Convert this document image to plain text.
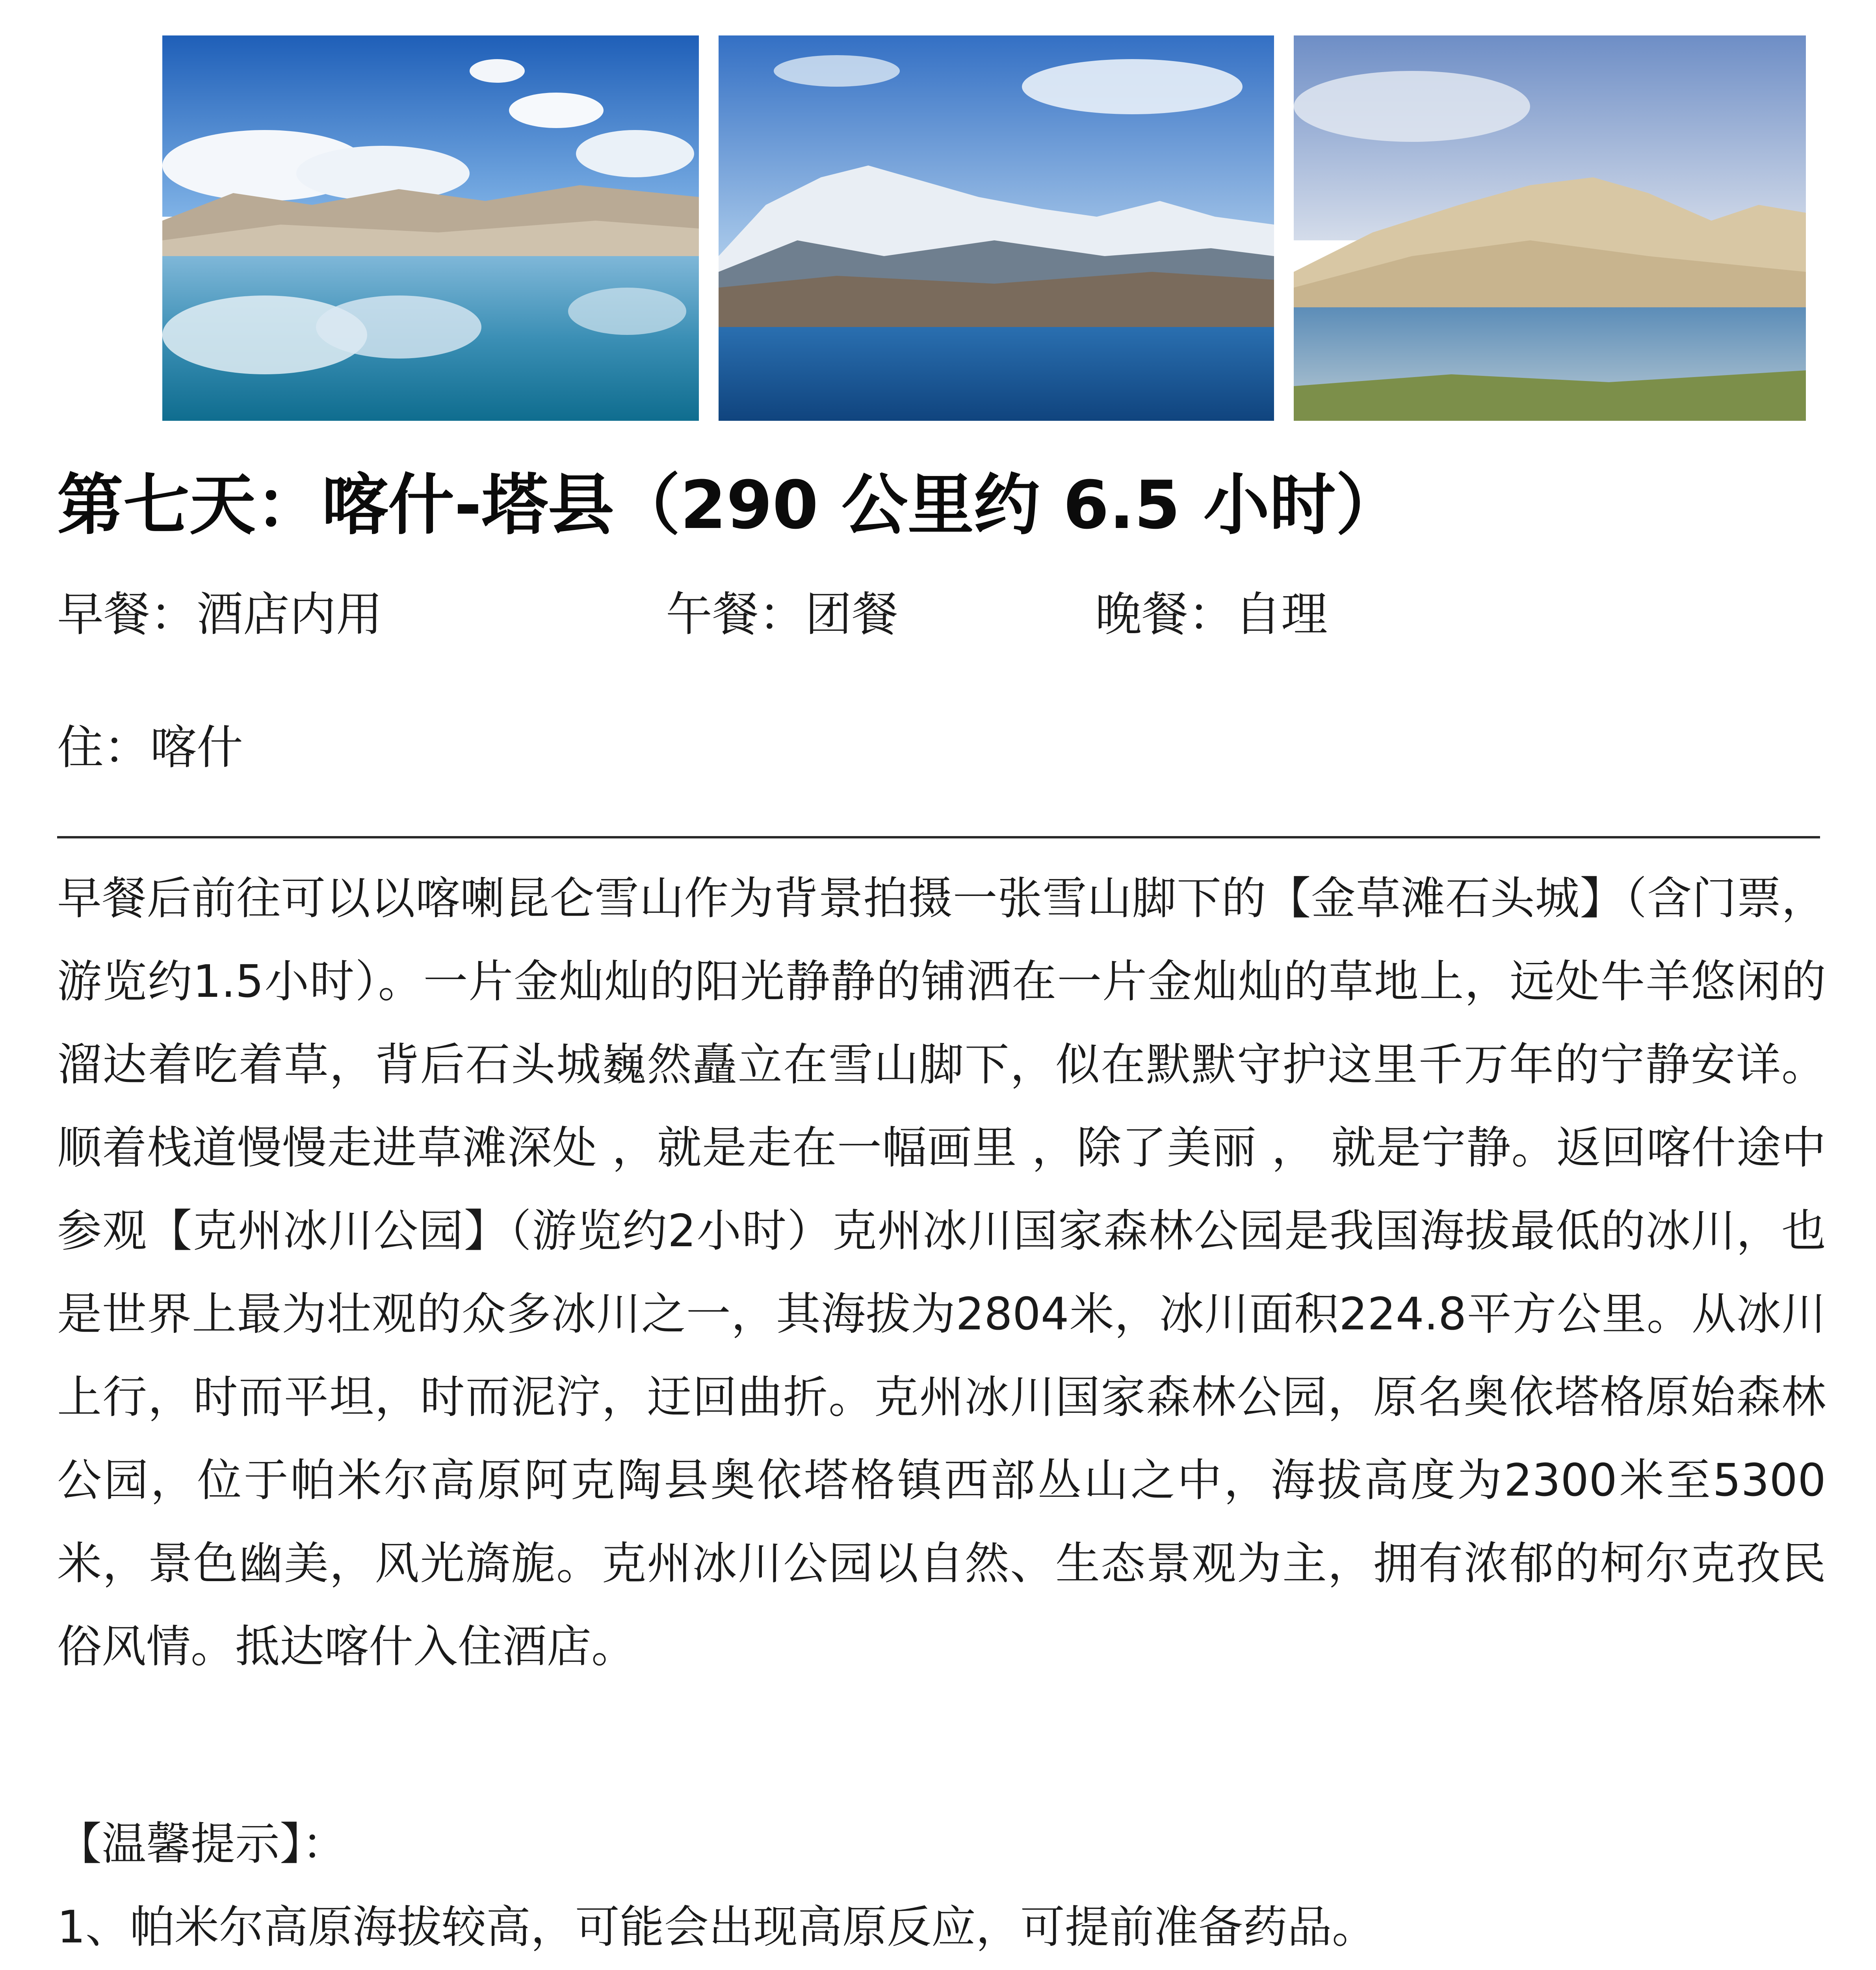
第七天：喀什-塔县（290 公里约 6.5 小时）
早餐：酒店内用	午餐：团餐	晚餐：自理
住：喀什

早餐后前往可以以喀喇昆仑雪山作为背景拍摄一张雪山脚下的【金草滩石头城】（含门票，游览约1.5小时）。一片金灿灿的阳光静静的铺洒在一片金灿灿的草地上，远处牛羊悠闲的溜达着吃着草，背后石头城巍然矗立在雪山脚下，似在默默守护这里千万年的宁静安详。顺着栈道慢慢走进草滩深处 ，就是走在一幅画里 ，除了美丽 ， 就是宁静。返回喀什途中参观【克州冰川公园】（游览约2小时）克州冰川国家森林公园是我国海拔最低的冰川，也是世界上最为壮观的众多冰川之一，其海拔为2804米，冰川面积224.8平方公里。从冰川上行，时而平坦，时而泥泞，迂回曲折。克州冰川国家森林公园，原名奥依塔格原始森林公园，位于帕米尔高原阿克陶县奥依塔格镇西部丛山之中，海拔高度为2300米至5300米，景色幽美，风光旖旎。克州冰川公园以自然、生态景观为主，拥有浓郁的柯尔克孜民俗风情。抵达喀什入住酒店。

【温馨提示】：

1、帕米尔高原海拔较高，可能会出现高原反应，可提前准备药品。
